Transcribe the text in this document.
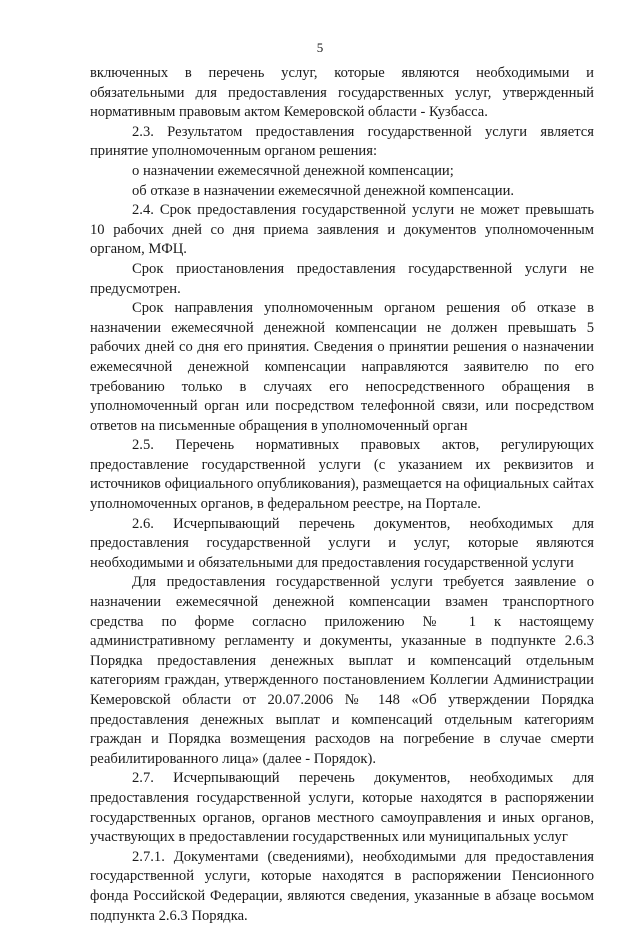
5

включенных в перечень услуг, которые являются необходимыми и обязательными для предоставления государственных услуг, утвержденный нормативным правовым актом Кемеровской области - Кузбасса.

2.3. Результатом предоставления государственной услуги является принятие уполномоченным органом решения:

о назначении ежемесячной денежной компенсации;

об отказе в назначении ежемесячной денежной компенсации.

2.4. Срок предоставления государственной услуги не может превышать 10 рабочих дней со дня приема заявления и документов уполномоченным органом, МФЦ.

Срок приостановления предоставления государственной услуги не предусмотрен.

Срок направления уполномоченным органом решения об отказе в назначении ежемесячной денежной компенсации не должен превышать 5 рабочих дней со дня его принятия. Сведения о принятии решения о назначении ежемесячной денежной компенсации направляются заявителю по его требованию только в случаях его непосредственного обращения в уполномоченный орган или посредством телефонной связи, или посредством ответов на письменные обращения в уполномоченный орган

2.5. Перечень нормативных правовых актов, регулирующих предоставление государственной услуги (с указанием их реквизитов и источников официального опубликования), размещается на официальных сайтах уполномоченных органов, в федеральном реестре, на Портале.

2.6. Исчерпывающий перечень документов, необходимых для предоставления государственной услуги и услуг, которые являются необходимыми и обязательными для предоставления государственной услуги

Для предоставления государственной услуги требуется заявление о назначении ежемесячной денежной компенсации взамен транспортного средства по форме согласно приложению № 1 к настоящему административному регламенту и документы, указанные в подпункте 2.6.3 Порядка предоставления денежных выплат и компенсаций отдельным категориям граждан, утвержденного постановлением Коллегии Администрации Кемеровской области от 20.07.2006 № 148 «Об утверждении Порядка предоставления денежных выплат и компенсаций отдельным категориям граждан и Порядка возмещения расходов на погребение в случае смерти реабилитированного лица» (далее - Порядок).

2.7. Исчерпывающий перечень документов, необходимых для предоставления государственной услуги, которые находятся в распоряжении государственных органов, органов местного самоуправления и иных органов, участвующих в предоставлении государственных или муниципальных услуг

2.7.1. Документами (сведениями), необходимыми для предоставления государственной услуги, которые находятся в распоряжении Пенсионного фонда Российской Федерации, являются сведения, указанные в абзаце восьмом подпункта 2.6.3 Порядка.
